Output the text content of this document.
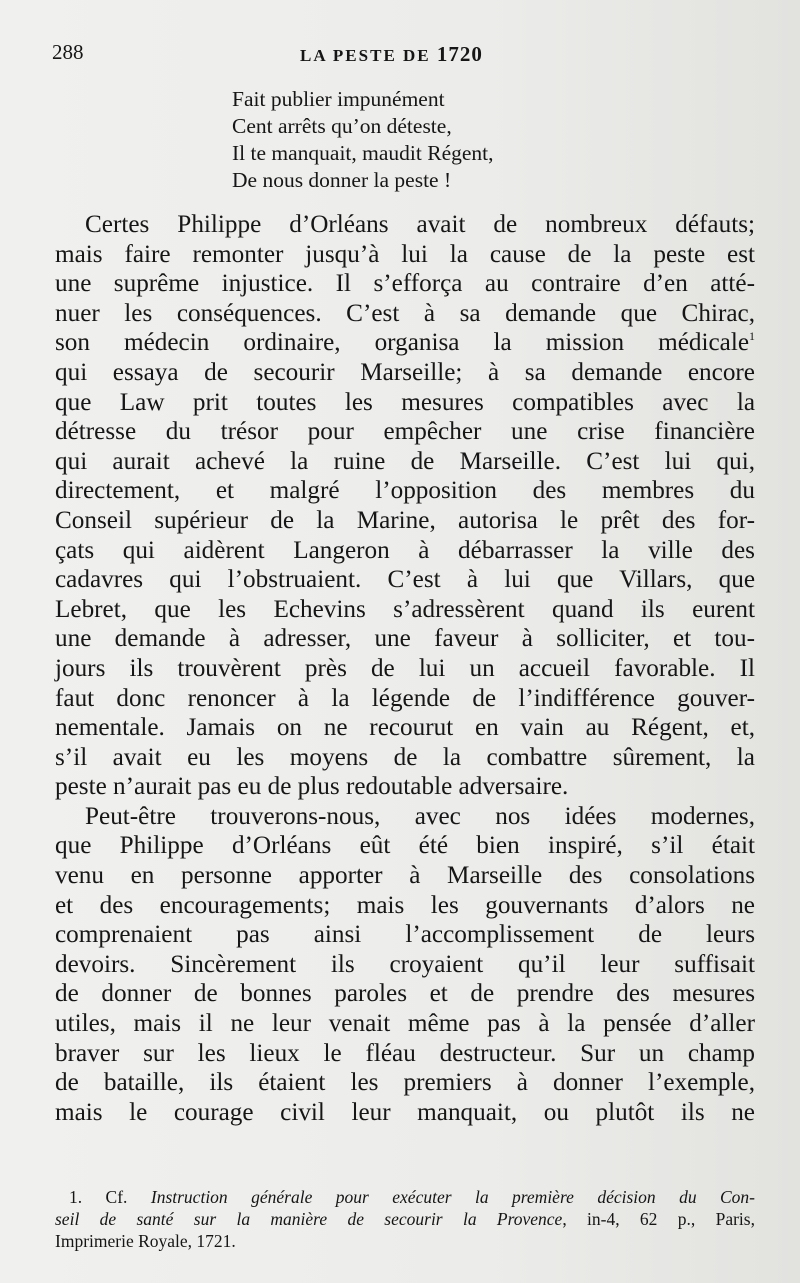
288	LA PESTE DE 1720
Fait publier impunément
Cent arrêts qu’on déteste,
Il te manquait, maudit Régent,
De nous donner la peste !
Certes Philippe d’Orléans avait de nombreux défauts;
mais faire remonter jusqu’à lui la cause de la peste est
une suprême injustice. Il s’efforça au contraire d’en atté-
nuer les conséquences. C’est à sa demande que Chirac,
son médecin ordinaire, organisa la mission médicale$^1$
qui essaya de secourir Marseille; à sa demande encore
que Law prit toutes les mesures compatibles avec la
détresse du trésor pour empêcher une crise financière
qui aurait achevé la ruine de Marseille. C’est lui qui,
directement, et malgré l’opposition des membres du
Conseil supérieur de la Marine, autorisa le prêt des for-
çats qui aidèrent Langeron à débarrasser la ville des
cadavres qui l’obstruaient. C’est à lui que Villars, que
Lebret, que les Echevins s’adressèrent quand ils eurent
une demande à adresser, une faveur à solliciter, et tou-
jours ils trouvèrent près de lui un accueil favorable. Il
faut donc renoncer à la légende de l’indifférence gouver-
nementale. Jamais on ne recourut en vain au Régent, et,
s’il avait eu les moyens de la combattre sûrement, la
peste n’aurait pas eu de plus redoutable adversaire.
Peut-être trouverons-nous, avec nos idées modernes,
que Philippe d’Orléans eût été bien inspiré, s’il était
venu en personne apporter à Marseille des consolations
et des encouragements; mais les gouvernants d’alors ne
comprenaient pas ainsi l’accomplissement de leurs
devoirs. Sincèrement ils croyaient qu’il leur suffisait
de donner de bonnes paroles et de prendre des mesures
utiles, mais il ne leur venait même pas à la pensée d’aller
braver sur les lieux le fléau destructeur. Sur un champ
de bataille, ils étaient les premiers à donner l’exemple,
mais le courage civil leur manquait, ou plutôt ils ne
1. Cf. Instruction générale pour exécuter la première décision du Con-
seil de santé sur la manière de secourir la Provence, in-4, 62 p., Paris,
Imprimerie Royale, 1721.
